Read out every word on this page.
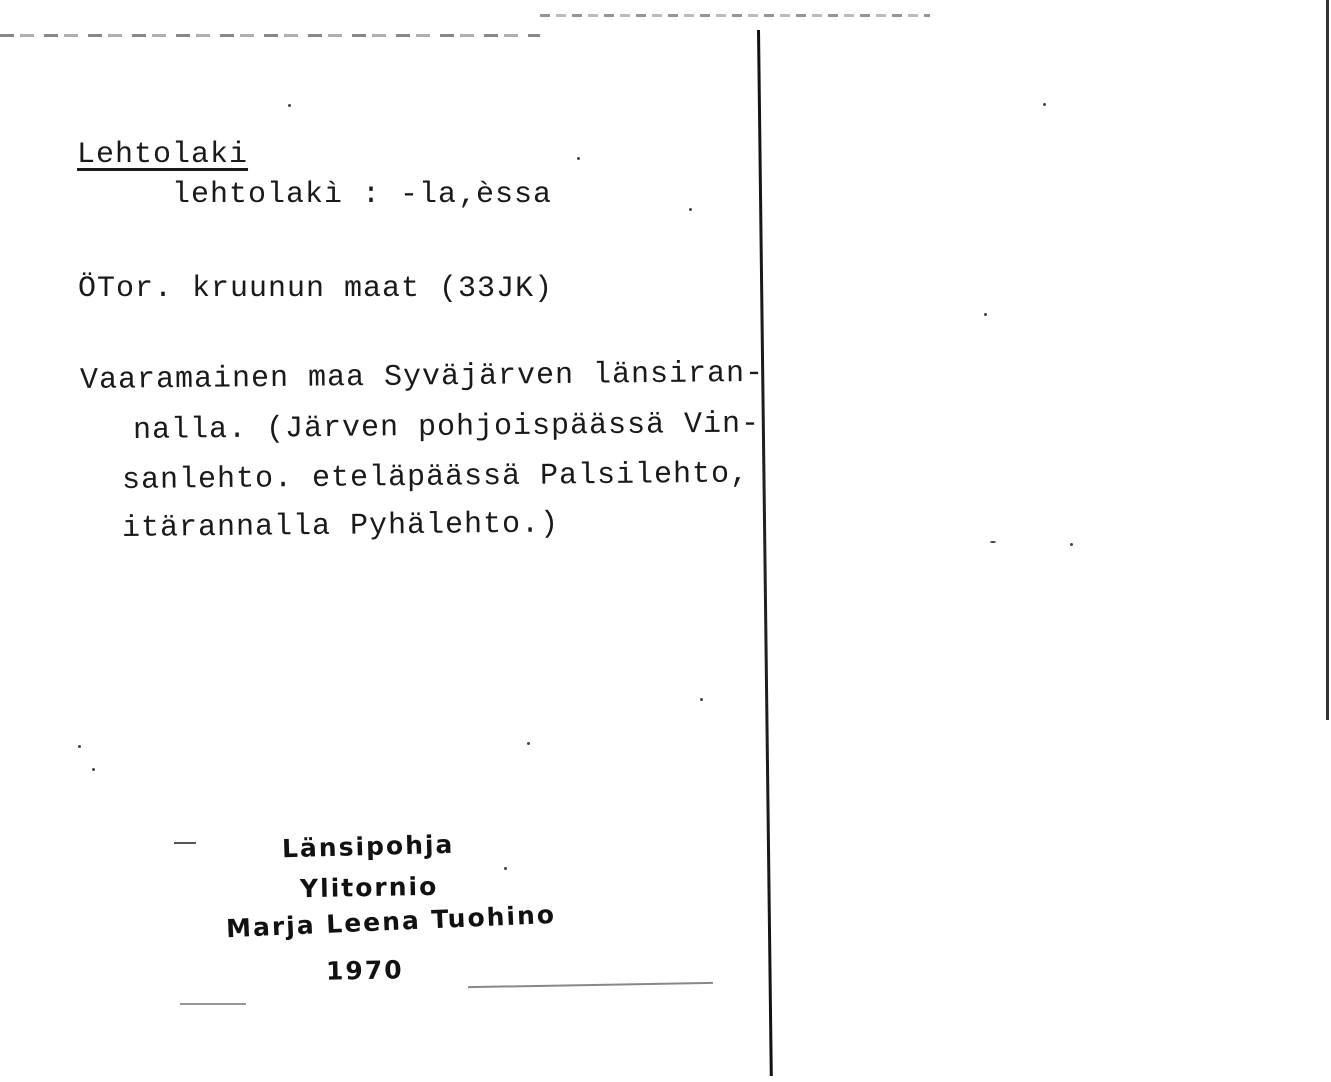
Lehtolaki
lehtolakì : -la‚èssa
ÖTor. kruunun maat (33JK)
Vaaramainen maa Syväjärven länsiran-
nalla. (Järven pohjoispäässä Vin-
sanlehto. eteläpäässä Palsilehto,
itärannalla Pyhälehto.)
Länsipohja
Ylitornio
Marja Leena Tuohino
1970
